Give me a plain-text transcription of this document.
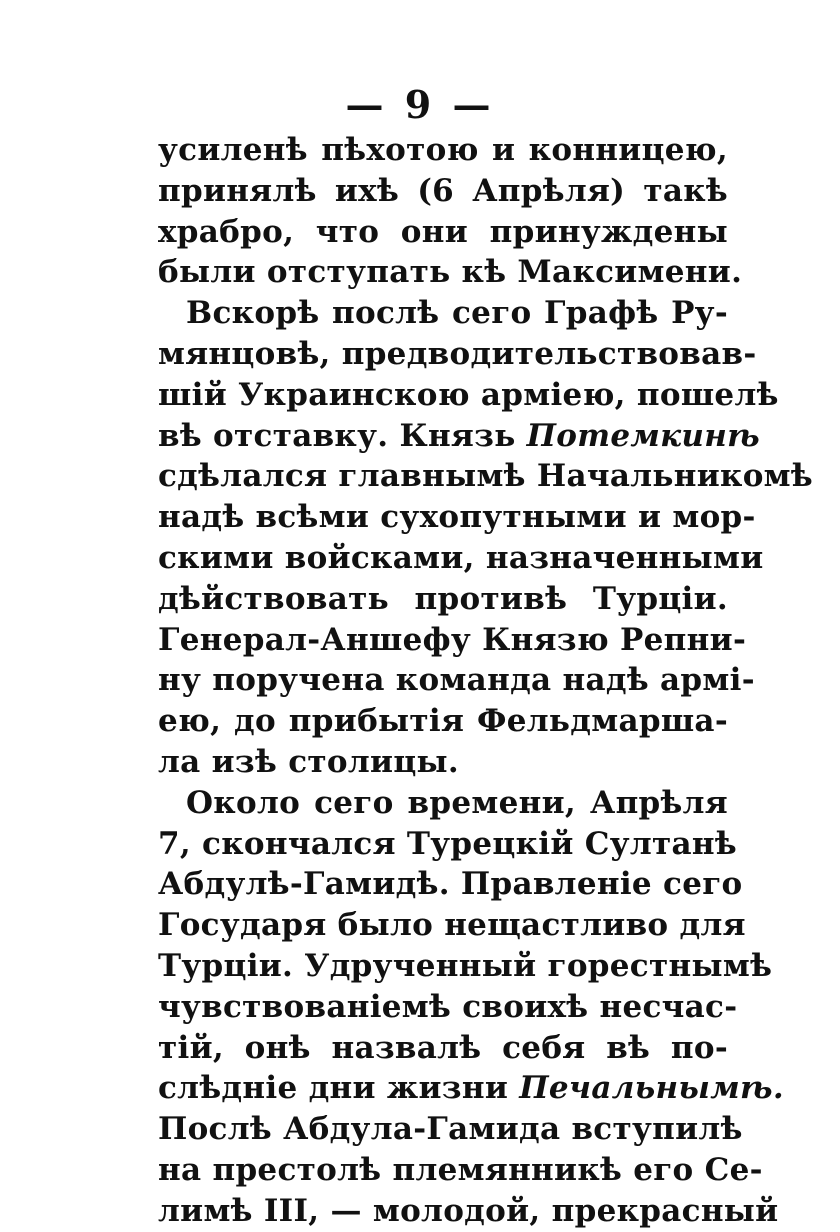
— 9 —
усиленѣ пѣхотою и конницею,
принялѣ ихѣ (6 Апрѣля) такѣ
храбро, что они принуждены
были отступать кѣ Максимени.
Вскорѣ послѣ сего Графѣ Ру-
мянцовѣ, предводительствовав-
шій Украинскою арміею, пошелѣ
вѣ отставку. Князь Потемкинѣ
сдѣлался главнымѣ Начальникомѣ
надѣ всѣми сухопутными и мор-
скими войсками, назначенными
дѣйствовать противѣ Турціи.
Генерал-Аншефу Князю Репни-
ну поручена команда надѣ армі-
ею, до прибытія Фельдмарша-
ла изѣ столицы.
Около сего времени, Апрѣля
7, скончался Турецкій Султанѣ
Абдулѣ-Гамидѣ. Правленіе сего
Государя было нещастливо для
Турціи. Удрученный горестнымѣ
чувствованіемѣ своихѣ несчас-
тій, онѣ назвалѣ себя вѣ по-
слѣдніе дни жизни Печальнымѣ.
Послѣ Абдула-Гамида вступилѣ
на престолѣ племянникѣ его Се-
лимѣ III, — молодой, прекрасный
